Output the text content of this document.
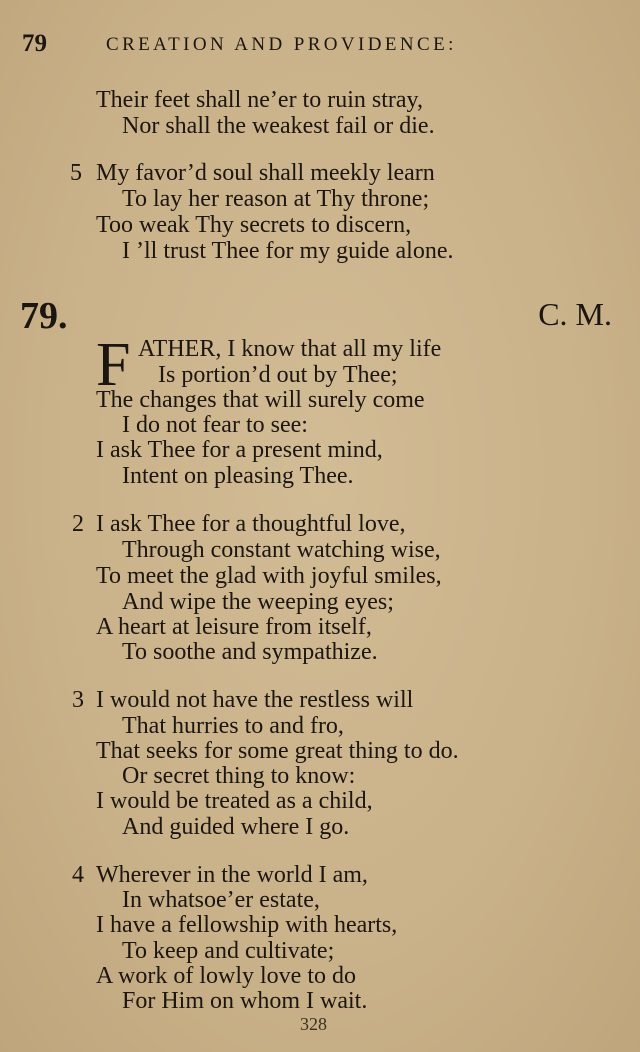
79	CREATION AND PROVIDENCE:
Their feet shall ne’er to ruin stray,
Nor shall the weakest fail or die.
5 My favor’d soul shall meekly learn
To lay her reason at Thy throne;
Too weak Thy secrets to discern,
I ’ll trust Thee for my guide alone.
79.	C. M.
F ATHER, I know that all my life
Is portion’d out by Thee;
The changes that will surely come
I do not fear to see:
I ask Thee for a present mind,
Intent on pleasing Thee.
2 I ask Thee for a thoughtful love,
Through constant watching wise,
To meet the glad with joyful smiles,
And wipe the weeping eyes;
A heart at leisure from itself,
To soothe and sympathize.
3 I would not have the restless will
That hurries to and fro,
That seeks for some great thing to do.
Or secret thing to know:
I would be treated as a child,
And guided where I go.
4 Wherever in the world I am,
In whatsoe’er estate,
I have a fellowship with hearts,
To keep and cultivate;
A work of lowly love to do
For Him on whom I wait.
328
